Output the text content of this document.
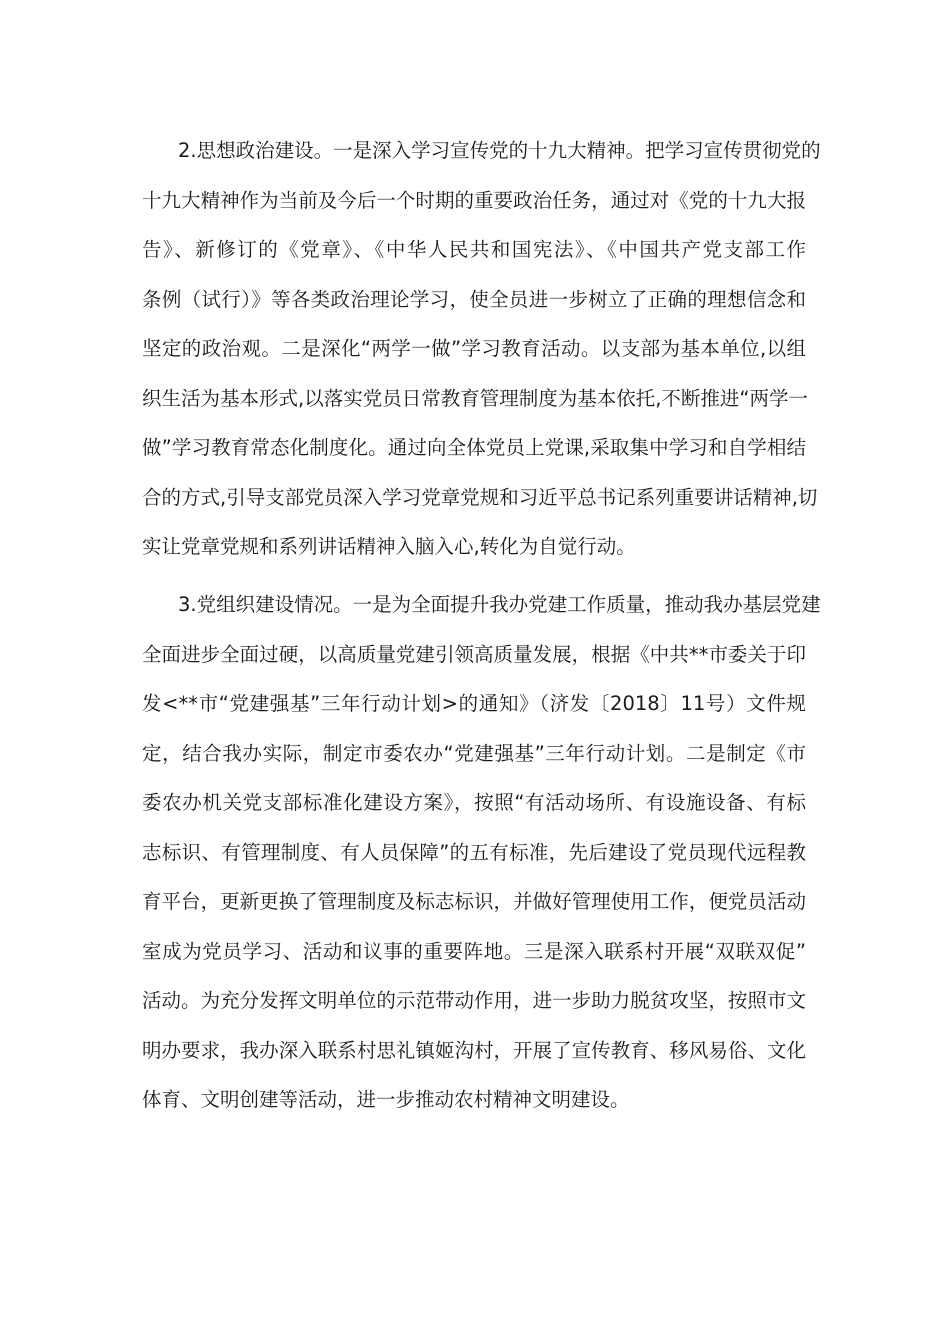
2.思想政治建设。一是深入学习宣传党的十九大精神。把学习宣传贯彻党的
十九大精神作为当前及今后一个时期的重要政治任务，通过对《党的十九大报
告》、新修订的《党章》、《中华人民共和国宪法》、《中国共产党支部工作
条例（试行）》等各类政治理论学习，使全员进一步树立了正确的理想信念和
坚定的政治观。二是深化“两学一做”学习教育活动。以支部为基本单位,以组
织生活为基本形式,以落实党员日常教育管理制度为基本依托,不断推进“两学一
做”学习教育常态化制度化。通过向全体党员上党课,采取集中学习和自学相结
合的方式,引导支部党员深入学习党章党规和习近平总书记系列重要讲话精神,切
实让党章党规和系列讲话精神入脑入心,转化为自觉行动。
3.党组织建设情况。一是为全面提升我办党建工作质量，推动我办基层党建
全面进步全面过硬，以高质量党建引领高质量发展，根据《中共**市委关于印
发<**市“党建强基”三年行动计划>的通知》（济发〔2018〕11号）文件规
定，结合我办实际，制定市委农办“党建强基”三年行动计划。二是制定《市
委农办机关党支部标准化建设方案》，按照“有活动场所、有设施设备、有标
志标识、有管理制度、有人员保障”的五有标准，先后建设了党员现代远程教
育平台，更新更换了管理制度及标志标识，并做好管理使用工作，便党员活动
室成为党员学习、活动和议事的重要阵地。三是深入联系村开展“双联双促”
活动。为充分发挥文明单位的示范带动作用，进一步助力脱贫攻坚，按照市文
明办要求，我办深入联系村思礼镇姬沟村，开展了宣传教育、移风易俗、文化
体育、文明创建等活动，进一步推动农村精神文明建设。
